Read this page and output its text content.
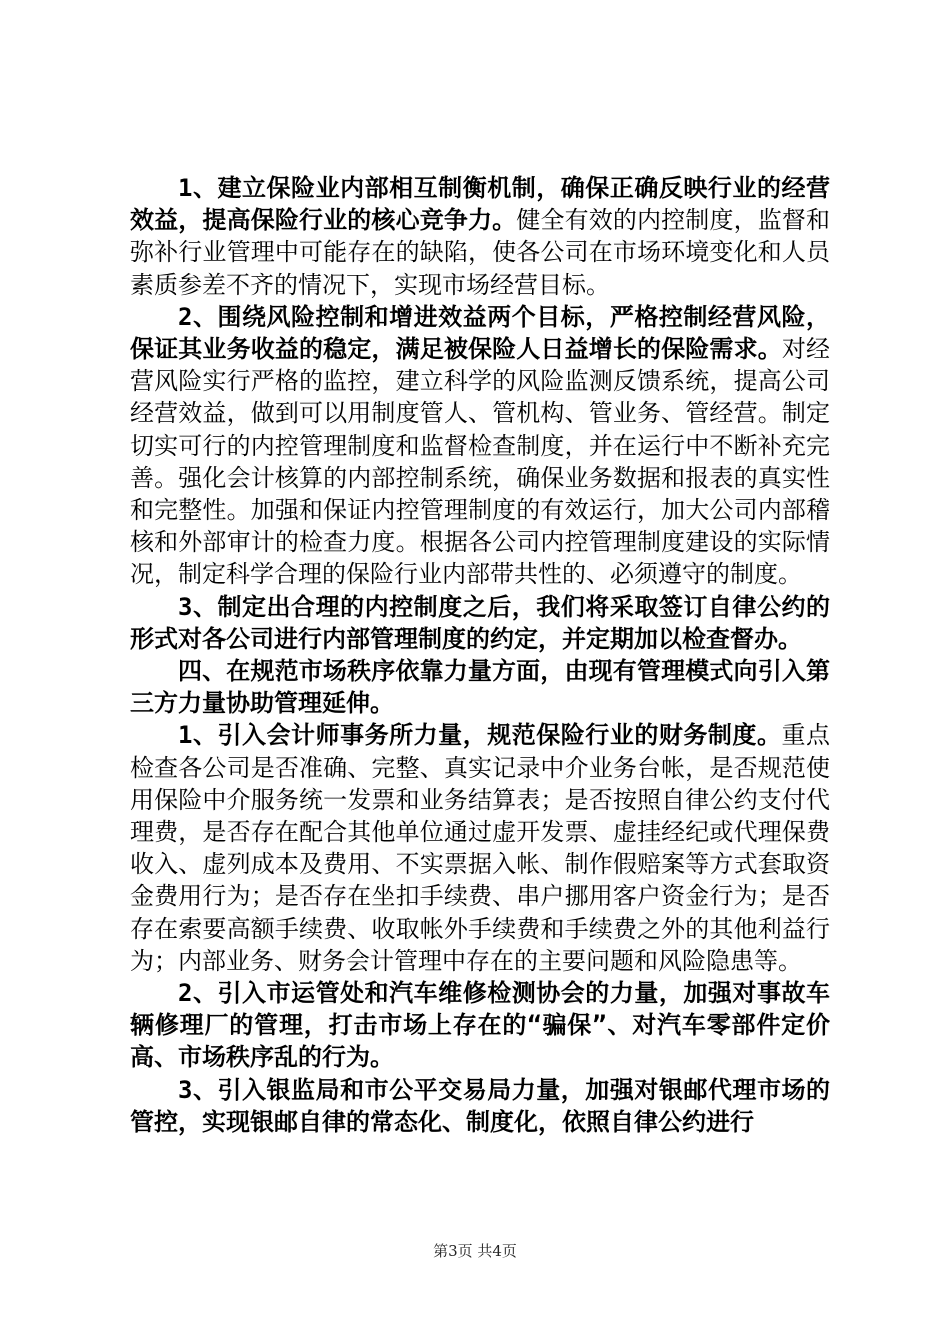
1、建立保险业内部相互制衡机制，确保正确反映行业的经营效益，提高保险行业的核心竞争力。健全有效的内控制度，监督和弥补行业管理中可能存在的缺陷，使各公司在市场环境变化和人员素质参差不齐的情况下，实现市场经营目标。

2、围绕风险控制和增进效益两个目标，严格控制经营风险，保证其业务收益的稳定，满足被保险人日益增长的保险需求。对经营风险实行严格的监控，建立科学的风险监测反馈系统，提高公司经营效益，做到可以用制度管人、管机构、管业务、管经营。制定切实可行的内控管理制度和监督检查制度，并在运行中不断补充完善。强化会计核算的内部控制系统，确保业务数据和报表的真实性和完整性。加强和保证内控管理制度的有效运行，加大公司内部稽核和外部审计的检查力度。根据各公司内控管理制度建设的实际情况，制定科学合理的保险行业内部带共性的、必须遵守的制度。

3、制定出合理的内控制度之后，我们将采取签订自律公约的形式对各公司进行内部管理制度的约定，并定期加以检查督办。

四、在规范市场秩序依靠力量方面，由现有管理模式向引入第三方力量协助管理延伸。

1、引入会计师事务所力量，规范保险行业的财务制度。重点检查各公司是否准确、完整、真实记录中介业务台帐，是否规范使用保险中介服务统一发票和业务结算表；是否按照自律公约支付代理费，是否存在配合其他单位通过虚开发票、虚挂经纪或代理保费收入、虚列成本及费用、不实票据入帐、制作假赔案等方式套取资金费用行为；是否存在坐扣手续费、串户挪用客户资金行为；是否存在索要高额手续费、收取帐外手续费和手续费之外的其他利益行为；内部业务、财务会计管理中存在的主要问题和风险隐患等。

2、引入市运管处和汽车维修检测协会的力量，加强对事故车辆修理厂的管理，打击市场上存在的“骗保”、对汽车零部件定价高、市场秩序乱的行为。

3、引入银监局和市公平交易局力量，加强对银邮代理市场的管控，实现银邮自律的常态化、制度化，依照自律公约进行

第3页 共4页
